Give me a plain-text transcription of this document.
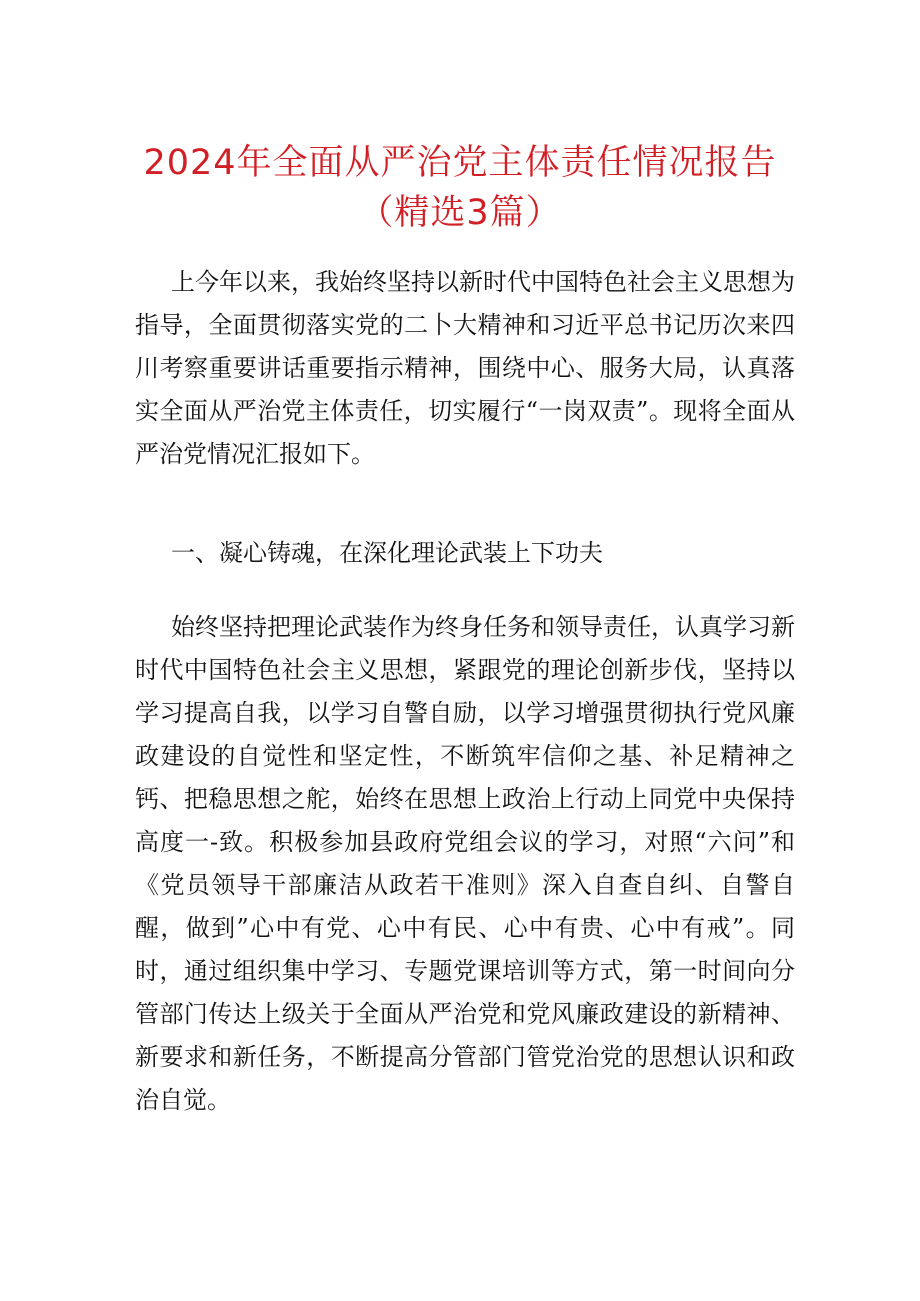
2024年全面从严治党主体责任情况报告
（精选3篇）

上今年以来，我始终坚持以新时代中国特色社会主义思想为指导，全面贯彻落实党的二卜大精神和习近平总书记历次来四川考察重要讲话重要指示精神，围绕中心、服务大局，认真落实全面从严治党主体责任，切实履行“一岗双责”。现将全面从严治党情况汇报如下。

一、凝心铸魂，在深化理论武装上下功夫

始终坚持把理论武装作为终身任务和领导责任，认真学习新时代中国特色社会主义思想，紧跟党的理论创新步伐，坚持以学习提高自我，以学习自警自励，以学习增强贯彻执行党风廉政建设的自觉性和坚定性，不断筑牢信仰之基、补足精神之钙、把稳思想之舵，始终在思想上政治上行动上同党中央保持高度一-致。积极参加县政府党组会议的学习，对照“六问”和《党员领导干部廉洁从政若干准则》深入自查自纠、自警自醒，做到”心中有党、心中有民、心中有贵、心中有戒”。同时，通过组织集中学习、专题党课培训等方式，第一时间向分管部门传达上级关于全面从严治党和党风廉政建设的新精神、新要求和新任务，不断提高分管部门管党治党的思想认识和政治自觉。
